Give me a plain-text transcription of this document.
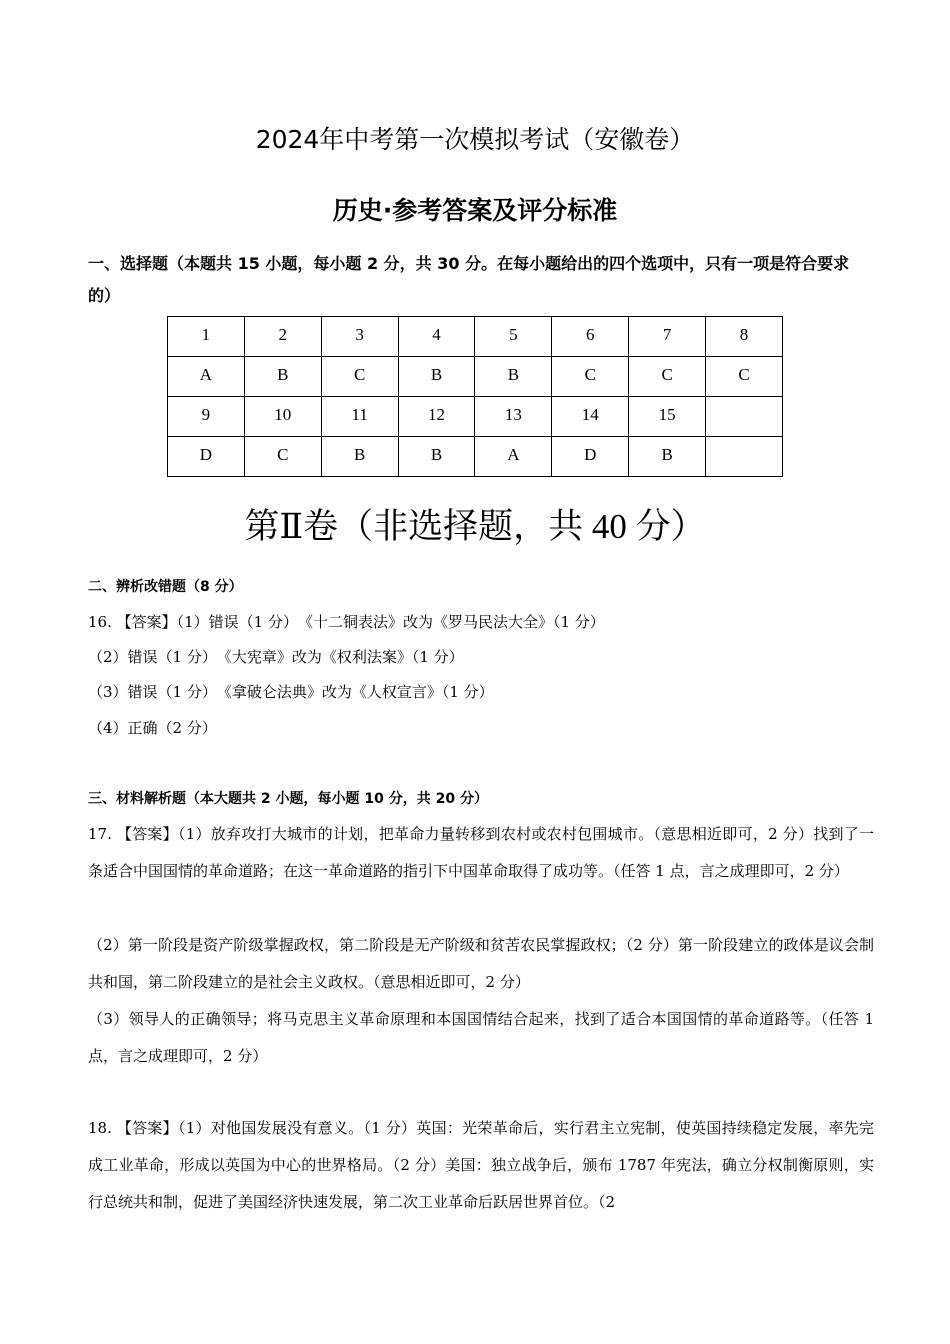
2024年中考第一次模拟考试（安徽卷）
历史·参考答案及评分标准
一、选择题（本题共 15 小题，每小题 2 分，共 30 分。在每小题给出的四个选项中，只有一项是符合要求的）
1	2	3	4	5	6	7	8
A	B	C	B	B	C	C	C
9	10	11	12	13	14	15	
D	C	B	B	A	D	B	
第Ⅱ卷（非选择题，共 40 分）
二、辨析改错题（8 分）
16. 【答案】（1）错误（1 分）　《十二铜表法》改为《罗马民法大全》（1 分）
（2）错误（1 分）　《大宪章》改为《权利法案》（1 分）
（3）错误（1 分）　《拿破仑法典》改为《人权宣言》（1 分）
（4）正确（2 分）
三、材料解析题（本大题共 2 小题，每小题 10 分，共 20 分）
17. 【答案】（1）放弃攻打大城市的计划，把革命力量转移到农村或农村包围城市。（意思相近即可，2 分）找到了一条适合中国国情的革命道路；在这一革命道路的指引下中国革命取得了成功等。（任答 1 点，言之成理即可，2 分）
（2）第一阶段是资产阶级掌握政权，第二阶段是无产阶级和贫苦农民掌握政权；（2 分）第一阶段建立的政体是议会制共和国，第二阶段建立的是社会主义政权。（意思相近即可，2 分）
（3）领导人的正确领导；将马克思主义革命原理和本国国情结合起来，找到了适合本国国情的革命道路等。（任答 1 点，言之成理即可，2 分）
18. 【答案】（1）对他国发展没有意义。（1 分）英国：光荣革命后，实行君主立宪制，使英国持续稳定发展，率先完成工业革命，形成以英国为中心的世界格局。（2 分）美国：独立战争后，颁布 1787 年宪法，确立分权制衡原则，实行总统共和制，促进了美国经济快速发展，第二次工业革命后跃居世界首位。（2
